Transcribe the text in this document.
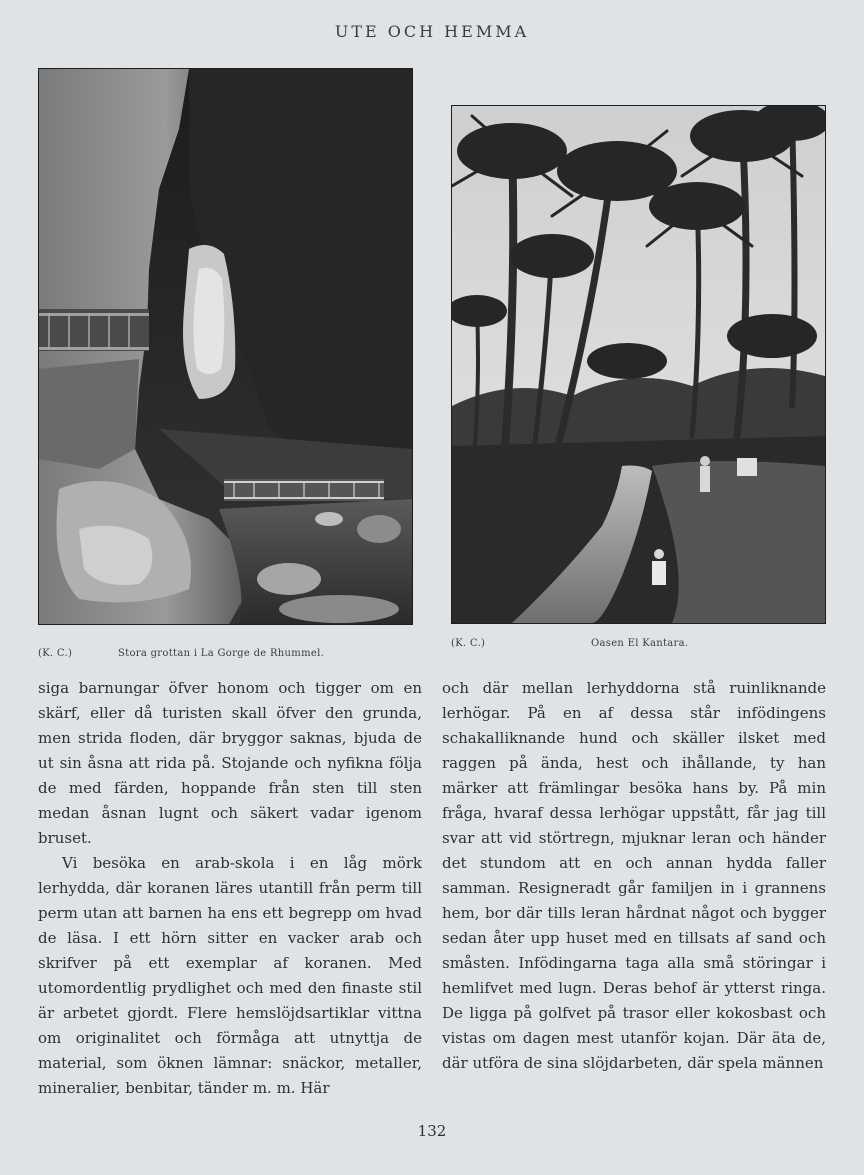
UTE OCH HEMMA
(K. C.)	Stora grottan i La Gorge de Rhummel.
(K. C.)	Oasen El Kantara.

siga barnungar öfver honom och tigger om en skärf, eller då turisten skall öfver den grunda, men strida floden, där bryggor saknas, bjuda de ut sin åsna att rida på. Stojande och nyfikna följa de med färden, hoppande från sten till sten medan åsnan lugnt och säkert vadar igenom bruset.

Vi besöka en arab-skola i en låg mörk lerhydda, där koranen läres utantill från perm till perm utan att barnen ha ens ett begrepp om hvad de läsa. I ett hörn sitter en vacker arab och skrifver på ett exemplar af koranen. Med utomordentlig prydlighet och med den finaste stil är arbetet gjordt. Flere hemslöjdsartiklar vittna om originalitet och förmåga att utnyttja de material, som öknen lämnar: snäckor, metaller, mineralier, benbitar, tänder m. m. Här

och där mellan lerhyddorna stå ruinliknande lerhögar. På en af dessa står infödingens schakalliknande hund och skäller ilsket med raggen på ända, hest och ihållande, ty han märker att främlingar besöka hans by. På min fråga, hvaraf dessa lerhögar uppstått, får jag till svar att vid störtregn, mjuknar leran och händer det stundom att en och annan hydda faller samman. Resigneradt går familjen in i grannens hem, bor där tills leran hårdnat något och bygger sedan åter upp huset med en tillsats af sand och småsten. Infödingarna taga alla små störingar i hemlifvet med lugn. Deras behof är ytterst ringa. De ligga på golfvet på trasor eller kokosbast och vistas om dagen mest utanför kojan. Där äta de, där utföra de sina slöjdarbeten, där spela männen

132
